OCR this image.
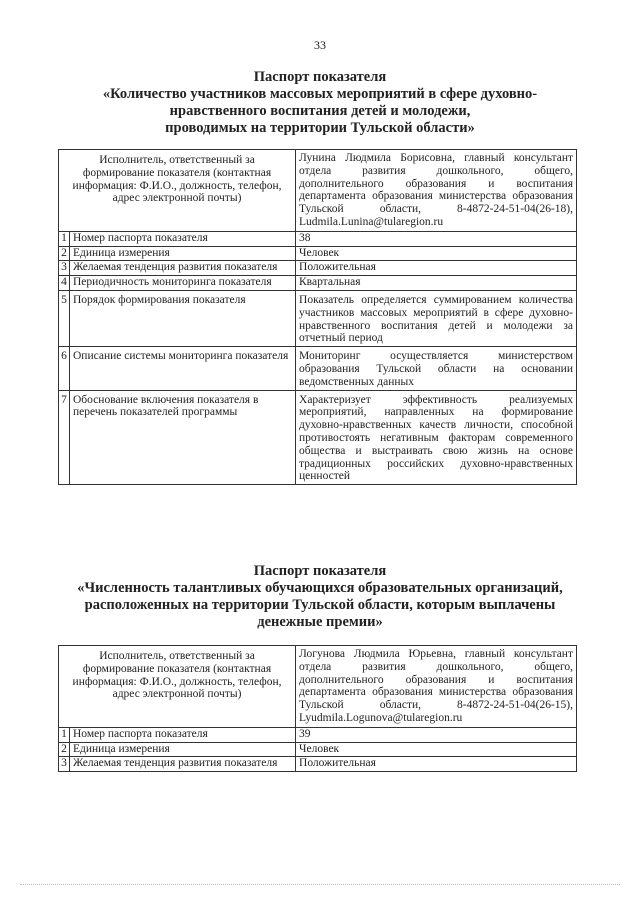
33
Паспорт показателя
«Количество участников массовых мероприятий в сфере духовно-
нравственного воспитания детей и молодежи,
проводимых на территории Тульской области»
Исполнитель, ответственный за формирование показателя (контактная информация: Ф.И.О., должность, телефон, адрес электронной почты)		Лунина Людмила Борисовна, главный консультант отдела развития дошкольного, общего, дополнительного образования и воспитания департамента образования министерства образования Тульской области, 8-4872-24-51-04(26-18), Ludmila.Lunina@tularegion.ru
1	Номер паспорта показателя	38
2	Единица измерения	Человек
3	Желаемая тенденция развития показателя	Положительная
4	Периодичность мониторинга показателя	Квартальная
5	Порядок формирования показателя	Показатель определяется суммированием количества участников массовых мероприятий в сфере духовно-нравственного воспитания детей и молодежи за отчетный период
6	Описание системы мониторинга показателя	Мониторинг осуществляется министерством образования Тульской области на основании ведомственных данных
7	Обоснование включения показателя в перечень показателей программы	Характеризует эффективность реализуемых мероприятий, направленных на формирование духовно-нравственных качеств личности, способной противостоять негативным факторам современного общества и выстраивать свою жизнь на основе традиционных российских духовно-нравственных ценностей
Паспорт показателя
«Численность талантливых обучающихся образовательных организаций,
расположенных на территории Тульской области, которым выплачены
денежные премии»
Исполнитель, ответственный за формирование показателя (контактная информация: Ф.И.О., должность, телефон, адрес электронной почты)		Логунова Людмила Юрьевна, главный консультант отдела развития дошкольного, общего, дополнительного образования и воспитания департамента образования министерства образования Тульской области, 8-4872-24-51-04(26-15), Lyudmila.Logunova@tularegion.ru
1	Номер паспорта показателя	39
2	Единица измерения	Человек
3	Желаемая тенденция развития показателя	Положительная
